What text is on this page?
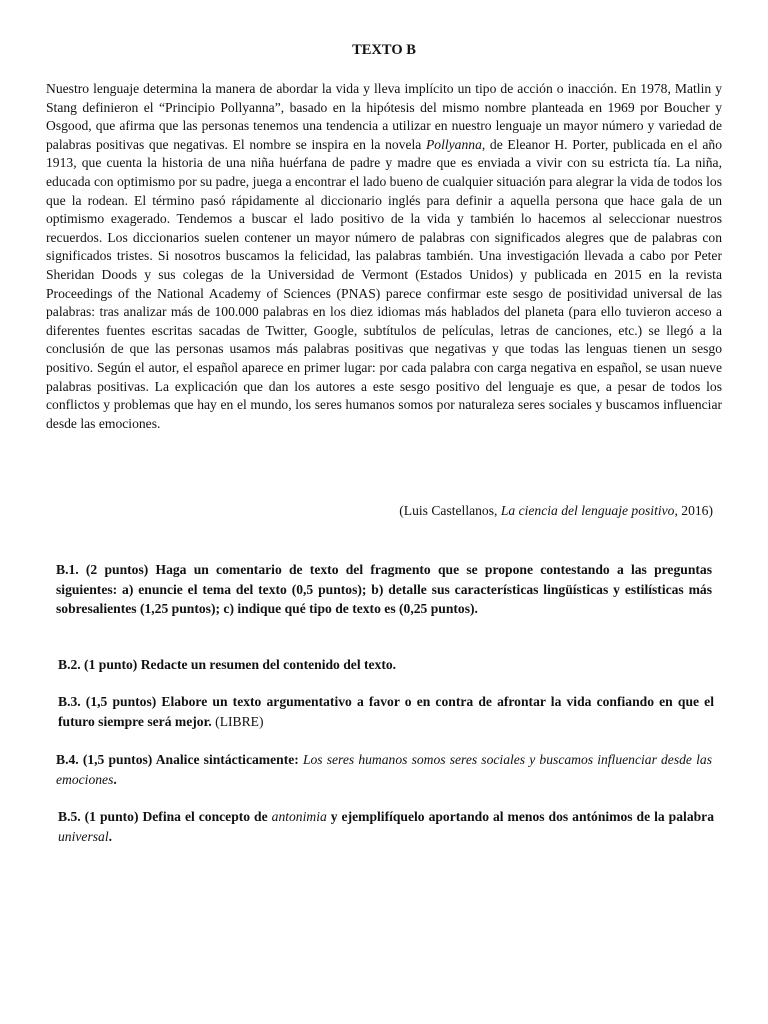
TEXTO B

Nuestro lenguaje determina la manera de abordar la vida y lleva implícito un tipo de acción o inacción. En 1978, Matlin y Stang definieron el “Principio Pollyanna”, basado en la hipótesis del mismo nombre planteada en 1969 por Boucher y Osgood, que afirma que las personas tenemos una tendencia a utilizar en nuestro lenguaje un mayor número y variedad de palabras positivas que negativas. El nombre se inspira en la novela Pollyanna, de Eleanor H. Porter, publicada en el año 1913, que cuenta la historia de una niña huérfana de padre y madre que es enviada a vivir con su estricta tía. La niña, educada con optimismo por su padre, juega a encontrar el lado bueno de cualquier situación para alegrar la vida de todos los que la rodean. El término pasó rápidamente al diccionario inglés para definir a aquella persona que hace gala de un optimismo exagerado. Tendemos a buscar el lado positivo de la vida y también lo hacemos al seleccionar nuestros recuerdos. Los diccionarios suelen contener un mayor número de palabras con significados alegres que de palabras con significados tristes. Si nosotros buscamos la felicidad, las palabras también. Una investigación llevada a cabo por Peter Sheridan Doods y sus colegas de la Universidad de Vermont (Estados Unidos) y publicada en 2015 en la revista Proceedings of the National Academy of Sciences (PNAS) parece confirmar este sesgo de positividad universal de las palabras: tras analizar más de 100.000 palabras en los diez idiomas más hablados del planeta (para ello tuvieron acceso a diferentes fuentes escritas sacadas de Twitter, Google, subtítulos de películas, letras de canciones, etc.) se llegó a la conclusión de que las personas usamos más palabras positivas que negativas y que todas las lenguas tienen un sesgo positivo. Según el autor, el español aparece en primer lugar: por cada palabra con carga negativa en español, se usan nueve palabras positivas. La explicación que dan los autores a este sesgo positivo del lenguaje es que, a pesar de todos los conflictos y problemas que hay en el mundo, los seres humanos somos por naturaleza seres sociales y buscamos influenciar desde las emociones.

(Luis Castellanos, La ciencia del lenguaje positivo, 2016)
B.1. (2 puntos) Haga un comentario de texto del fragmento que se propone contestando a las preguntas siguientes: a) enuncie el tema del texto (0,5 puntos); b) detalle sus características lingüísticas y estilísticas más sobresalientes (1,25 puntos); c) indique qué tipo de texto es (0,25 puntos).
B.2. (1 punto) Redacte un resumen del contenido del texto.
B.3. (1,5 puntos) Elabore un texto argumentativo a favor o en contra de afrontar la vida confiando en que el futuro siempre será mejor. (LIBRE)
B.4. (1,5 puntos) Analice sintácticamente: Los seres humanos somos seres sociales y buscamos influenciar desde las emociones.
B.5. (1 punto) Defina el concepto de antonimia y ejemplifíquelo aportando al menos dos antónimos de la palabra universal.
